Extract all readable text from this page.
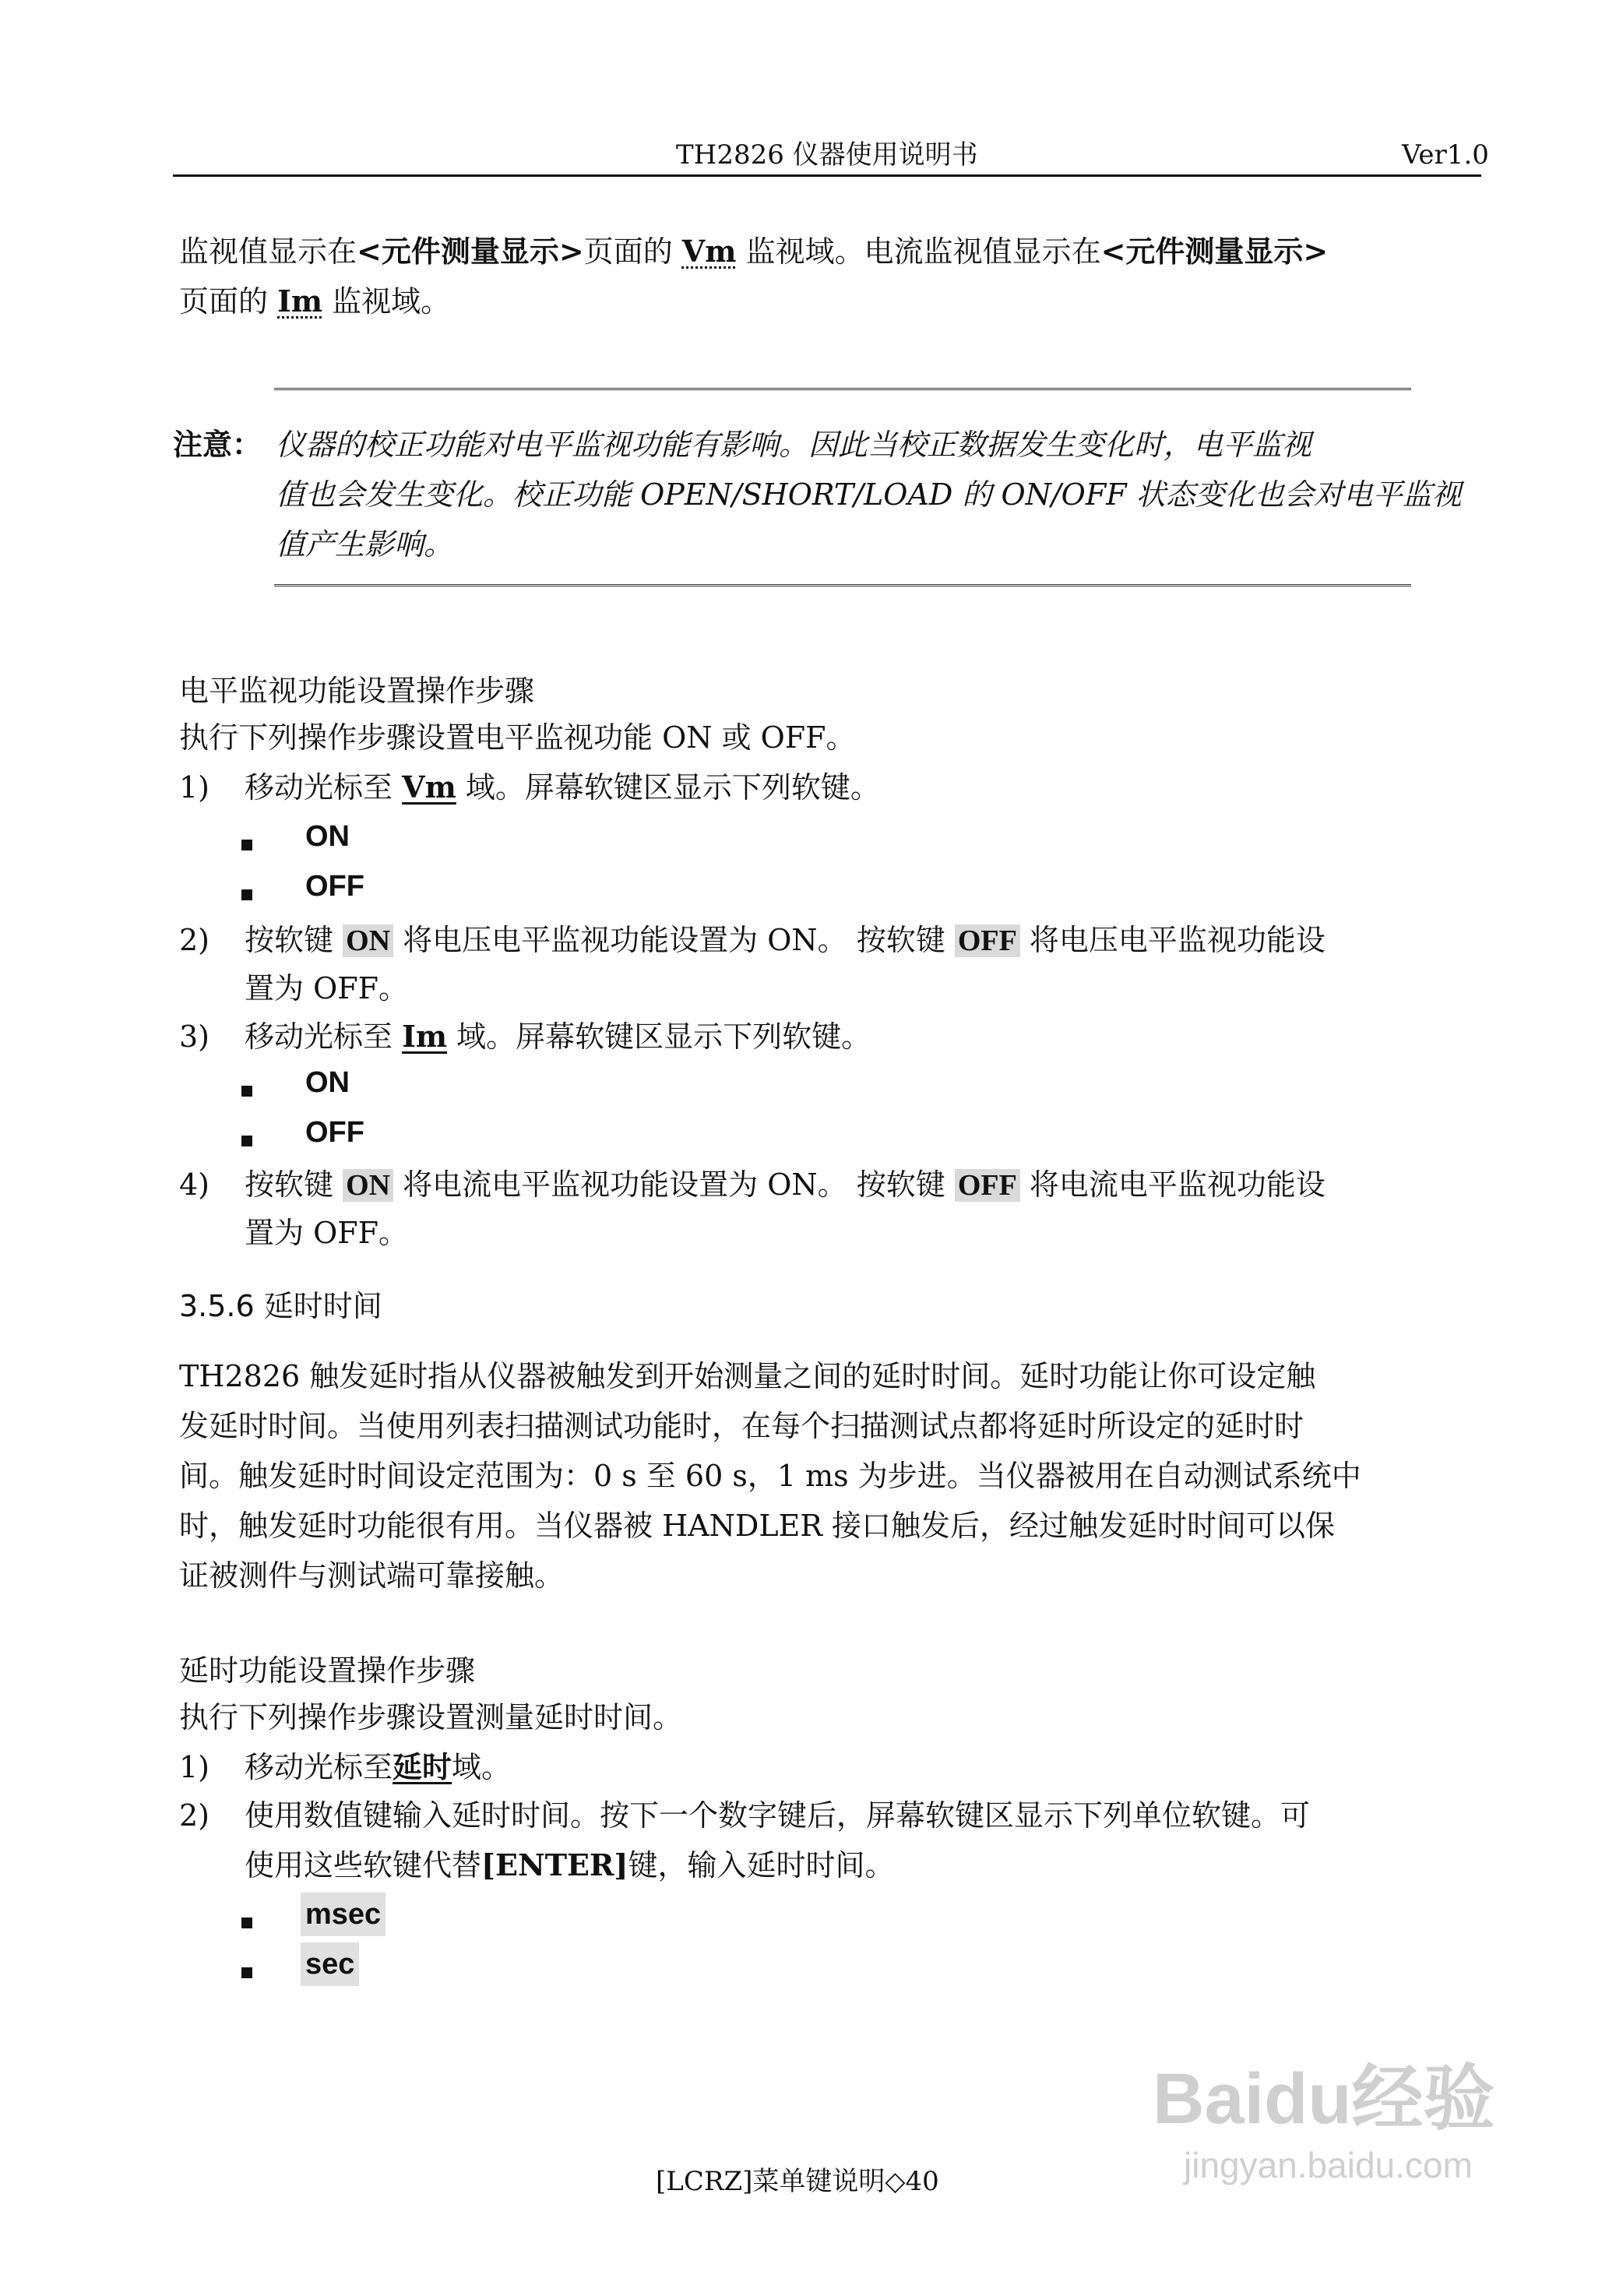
TH2826 仪器使用说明书	Ver1.0
监视值显示在<元件测量显示>页面的 Vm 监视域。电流监视值显示在<元件测量显示>
页面的 Im 监视域。
注意： 仪器的校正功能对电平监视功能有影响。因此当校正数据发生变化时，电平监视
值也会发生变化。校正功能 OPEN/SHORT/LOAD 的 ON/OFF 状态变化也会对电平监视
值产生影响。
电平监视功能设置操作步骤
执行下列操作步骤设置电平监视功能 ON 或 OFF。
1) 移动光标至 Vm 域。屏幕软键区显示下列软键。
ON
OFF
2) 按软键 ON 将电压电平监视功能设置为 ON。 按软键 OFF 将电压电平监视功能设
置为 OFF。
3) 移动光标至 Im 域。屏幕软键区显示下列软键。
ON
OFF
4) 按软键 ON 将电流电平监视功能设置为 ON。 按软键 OFF 将电流电平监视功能设
置为 OFF。
3.5.6 延时时间
TH2826 触发延时指从仪器被触发到开始测量之间的延时时间。延时功能让你可设定触
发延时时间。当使用列表扫描测试功能时，在每个扫描测试点都将延时所设定的延时时
间。触发延时时间设定范围为：0 s 至 60 s，1 ms 为步进。当仪器被用在自动测试系统中
时，触发延时功能很有用。当仪器被 HANDLER 接口触发后，经过触发延时时间可以保
证被测件与测试端可靠接触。
延时功能设置操作步骤
执行下列操作步骤设置测量延时时间。
1) 移动光标至延时域。
2) 使用数值键输入延时时间。按下一个数字键后，屏幕软键区显示下列单位软键。可
使用这些软键代替[ENTER]键，输入延时时间。
msec
sec
[LCRZ]菜单键说明◇40
Baidu经验
jingyan.baidu.com
